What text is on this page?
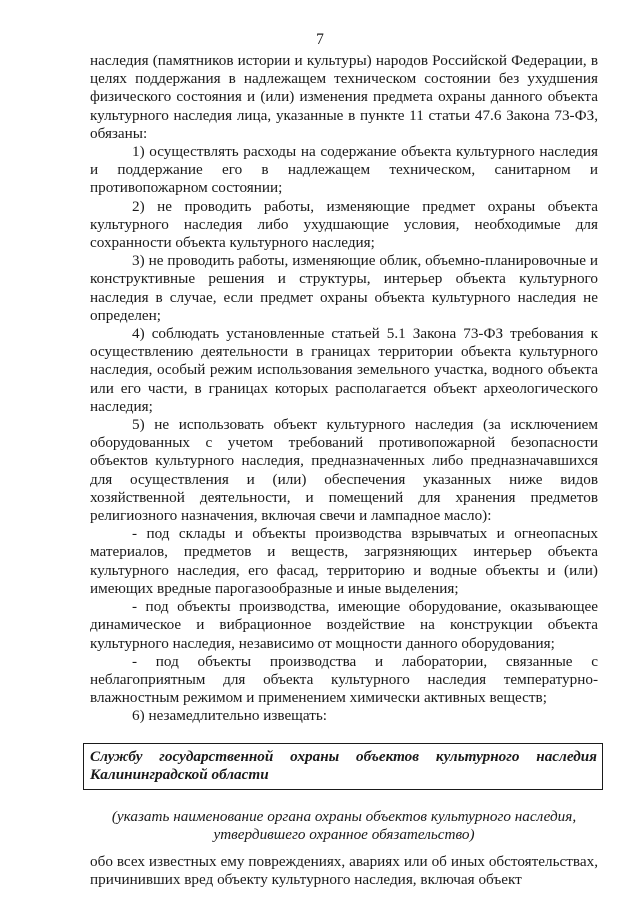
7

наследия (памятников истории и культуры) народов Российской Федерации, в целях поддержания в надлежащем техническом состоянии без ухудшения физического состояния и (или) изменения предмета охраны данного объекта культурного наследия лица, указанные в пункте 11 статьи 47.6 Закона 73-ФЗ, обязаны:

1) осуществлять расходы на содержание объекта культурного наследия и поддержание его в надлежащем техническом, санитарном и противопожарном состоянии;

2) не проводить работы, изменяющие предмет охраны объекта культурного наследия либо ухудшающие условия, необходимые для сохранности объекта культурного наследия;

3) не проводить работы, изменяющие облик, объемно-планировочные и конструктивные решения и структуры, интерьер объекта культурного наследия в случае, если предмет охраны объекта культурного наследия не определен;

4) соблюдать установленные статьей 5.1 Закона 73-ФЗ требования к осуществлению деятельности в границах территории объекта культурного наследия, особый режим использования земельного участка, водного объекта или его части, в границах которых располагается объект археологического наследия;

5) не использовать объект культурного наследия (за исключением оборудованных с учетом требований противопожарной безопасности объектов культурного наследия, предназначенных либо предназначавшихся для осуществления и (или) обеспечения указанных ниже видов хозяйственной деятельности, и помещений для хранения предметов религиозного назначения, включая свечи и лампадное масло):

- под склады и объекты производства взрывчатых и огнеопасных материалов, предметов и веществ, загрязняющих интерьер объекта культурного наследия, его фасад, территорию и водные объекты и (или) имеющих вредные парогазообразные и иные выделения;

- под объекты производства, имеющие оборудование, оказывающее динамическое и вибрационное воздействие на конструкции объекта культурного наследия, независимо от мощности данного оборудования;

- под объекты производства и лаборатории, связанные с неблагоприятным для объекта культурного наследия температурно-влажностным режимом и применением химически активных веществ;

6) незамедлительно извещать:

Службу государственной охраны объектов культурного наследия Калининградской области
(указать наименование органа охраны объектов культурного наследия,
утвердившего охранное обязательство)

обо всех известных ему повреждениях, авариях или об иных обстоятельствах, причинивших вред объекту культурного наследия, включая объект
